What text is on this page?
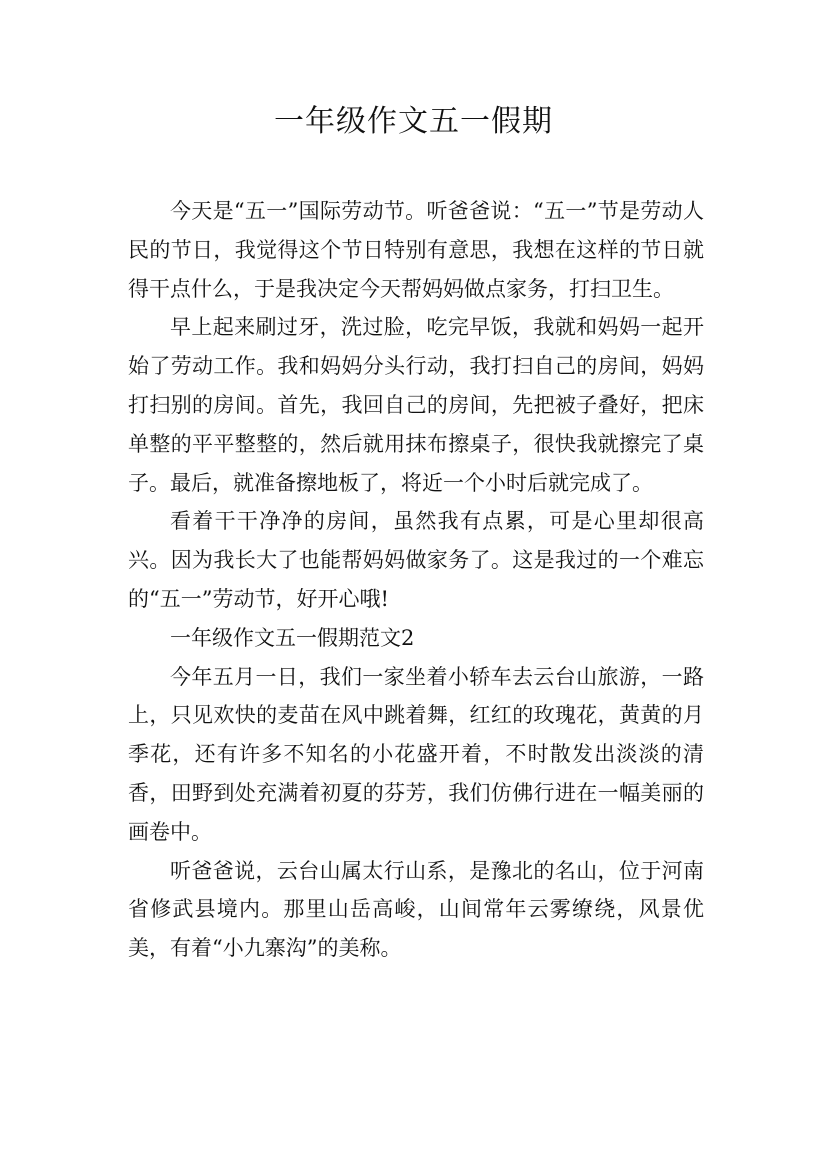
一年级作文五一假期

今天是“五一”国际劳动节。听爸爸说：“五一”节是劳动人民的节日，我觉得这个节日特别有意思，我想在这样的节日就得干点什么，于是我决定今天帮妈妈做点家务，打扫卫生。

早上起来刷过牙，洗过脸，吃完早饭，我就和妈妈一起开始了劳动工作。我和妈妈分头行动，我打扫自己的房间，妈妈打扫别的房间。首先，我回自己的房间，先把被子叠好，把床单整的平平整整的，然后就用抹布擦桌子，很快我就擦完了桌子。最后，就准备擦地板了，将近一个小时后就完成了。

看着干干净净的房间，虽然我有点累，可是心里却很高兴。因为我长大了也能帮妈妈做家务了。这是我过的一个难忘的“五一”劳动节，好开心哦!

一年级作文五一假期范文2

今年五月一日，我们一家坐着小轿车去云台山旅游，一路上，只见欢快的麦苗在风中跳着舞，红红的玫瑰花，黄黄的月季花，还有许多不知名的小花盛开着，不时散发出淡淡的清香，田野到处充满着初夏的芬芳，我们仿佛行进在一幅美丽的画卷中。

听爸爸说，云台山属太行山系，是豫北的名山，位于河南省修武县境内。那里山岳高峻，山间常年云雾缭绕，风景优美，有着“小九寨沟”的美称。
